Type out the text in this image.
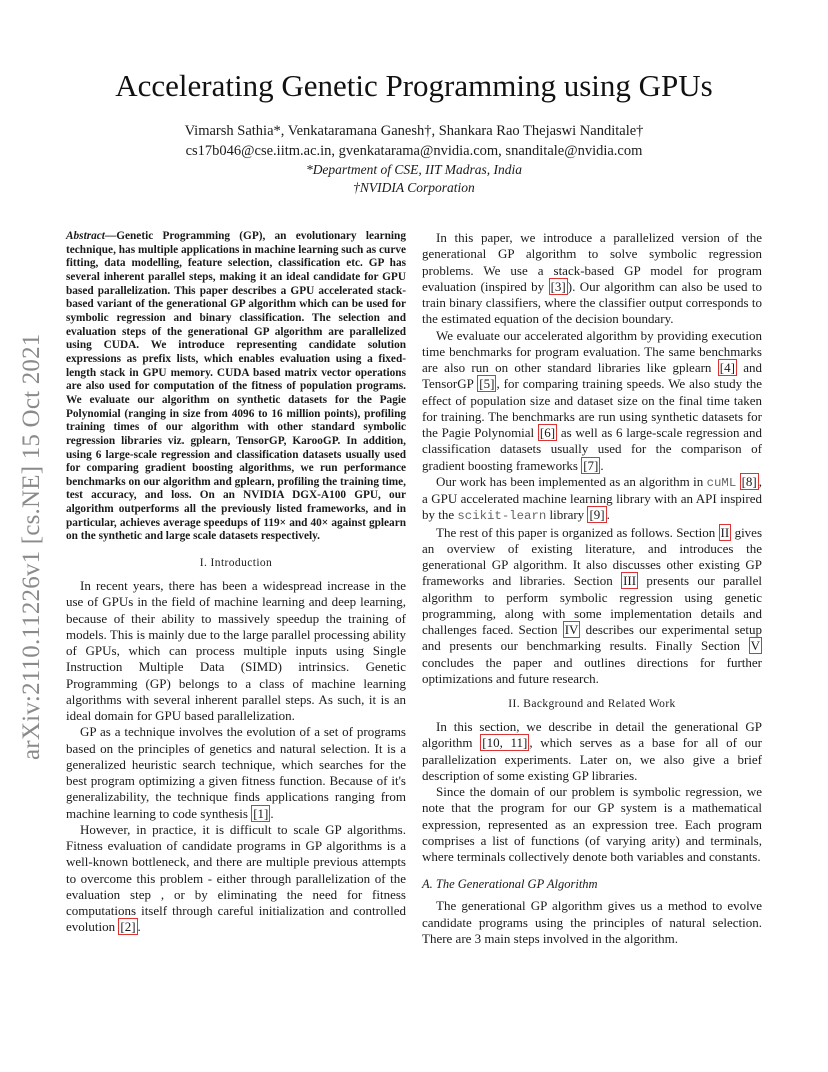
arXiv:2110.11226v1 [cs.NE] 15 Oct 2021
Accelerating Genetic Programming using GPUs
Vimarsh Sathia*, Venkataramana Ganesh†, Shankara Rao Thejaswi Nanditale†
cs17b046@cse.iitm.ac.in, gvenkatarama@nvidia.com, snanditale@nvidia.com
*Department of CSE, IIT Madras, India
†NVIDIA Corporation

Abstract—Genetic Programming (GP), an evolutionary learning technique, has multiple applications in machine learning such as curve fitting, data modelling, feature selection, classification etc. GP has several inherent parallel steps, making it an ideal candidate for GPU based parallelization. This paper describes a GPU accelerated stack-based variant of the generational GP algorithm which can be used for symbolic regression and binary classification. The selection and evaluation steps of the generational GP algorithm are parallelized using CUDA. We introduce representing candidate solution expressions as prefix lists, which enables evaluation using a fixed-length stack in GPU memory. CUDA based matrix vector operations are also used for computation of the fitness of population programs. We evaluate our algorithm on synthetic datasets for the Pagie Polynomial (ranging in size from 4096 to 16 million points), profiling training times of our algorithm with other standard symbolic regression libraries viz. gplearn, TensorGP, KarooGP. In addition, using 6 large-scale regression and classification datasets usually used for comparing gradient boosting algorithms, we run performance benchmarks on our algorithm and gplearn, profiling the training time, test accuracy, and loss. On an NVIDIA DGX-A100 GPU, our algorithm outperforms all the previously listed frameworks, and in particular, achieves average speedups of 119× and 40× against gplearn on the synthetic and large scale datasets respectively.

I. Introduction

In recent years, there has been a widespread increase in the use of GPUs in the field of machine learning and deep learning, because of their ability to massively speedup the training of models. This is mainly due to the large parallel processing ability of GPUs, which can process multiple inputs using Single Instruction Multiple Data (SIMD) intrinsics. Genetic Programming (GP) belongs to a class of machine learning algorithms with several inherent parallel steps. As such, it is an ideal domain for GPU based parallelization.

GP as a technique involves the evolution of a set of programs based on the principles of genetics and natural selection. It is a generalized heuristic search technique, which searches for the best program optimizing a given fitness function. Because of it's generalizability, the technique finds applications ranging from machine learning to code synthesis [1] .

However, in practice, it is difficult to scale GP algorithms. Fitness evaluation of candidate programs in GP algorithms is a well-known bottleneck, and there are multiple previous attempts to overcome this problem - either through parallelization of the evaluation step , or by eliminating the need for fitness computations itself through careful initialization and controlled evolution [2] .

In this paper, we introduce a parallelized version of the generational GP algorithm to solve symbolic regression problems. We use a stack-based GP model for program evaluation (inspired by [3] ). Our algorithm can also be used to train binary classifiers, where the classifier output corresponds to the estimated equation of the decision boundary.

We evaluate our accelerated algorithm by providing execution time benchmarks for program evaluation. The same benchmarks are also run on other standard libraries like gplearn [4] and TensorGP [5] , for comparing training speeds. We also study the effect of population size and dataset size on the final time taken for training. The benchmarks are run using synthetic datasets for the Pagie Polynomial [6] as well as 6 large-scale regression and classification datasets usually used for the comparison of gradient boosting frameworks [7] .

Our work has been implemented as an algorithm in cuML [8] , a GPU accelerated machine learning library with an API inspired by the scikit-learn library [9] .

The rest of this paper is organized as follows. Section II gives an overview of existing literature, and introduces the generational GP algorithm. It also discusses other existing GP frameworks and libraries. Section III presents our parallel algorithm to perform symbolic regression using genetic programming, along with some implementation details and challenges faced. Section IV describes our experimental setup and presents our benchmarking results. Finally Section V concludes the paper and outlines directions for further optimizations and future research.

II. Background and Related Work

In this section, we describe in detail the generational GP algorithm [10, 11] , which serves as a base for all of our parallelization experiments. Later on, we also give a brief description of some existing GP libraries.

Since the domain of our problem is symbolic regression, we note that the program for our GP system is a mathematical expression, represented as an expression tree. Each program comprises a list of functions (of varying arity) and terminals, where terminals collectively denote both variables and constants.

A. The Generational GP Algorithm

The generational GP algorithm gives us a method to evolve candidate programs using the principles of natural selection. There are 3 main steps involved in the algorithm.
